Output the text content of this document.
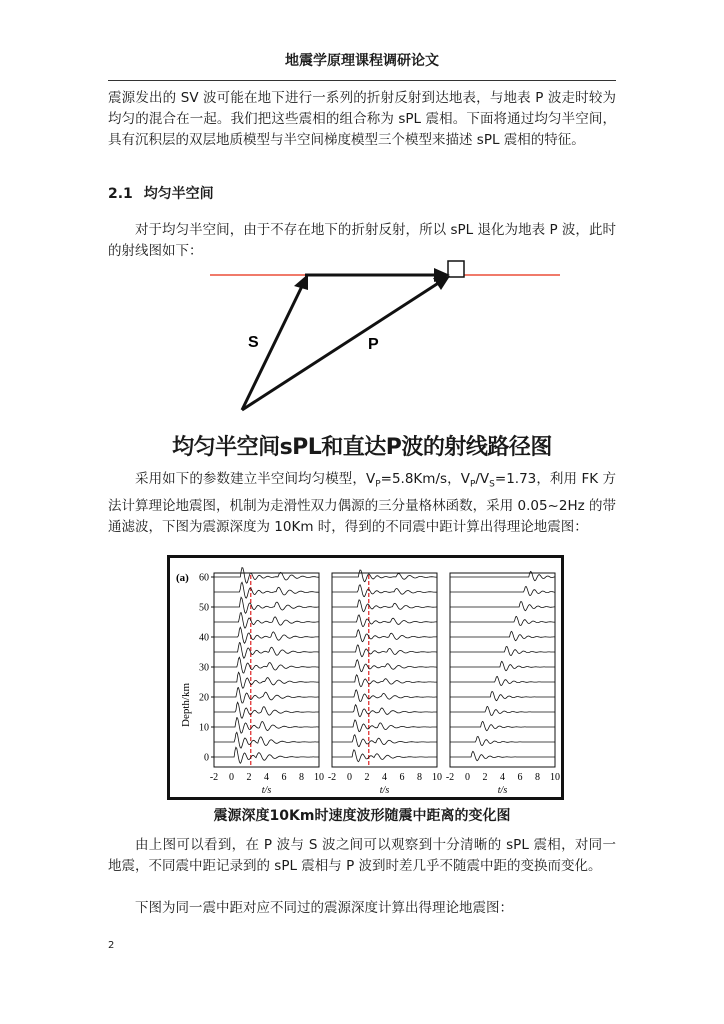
地震学原理课程调研论文

震源发出的 SV 波可能在地下进行一系列的折射反射到达地表，与地表 P 波走时较为均匀的混合在一起。我们把这些震相的组合称为 sPL 震相。下面将通过均匀半空间，具有沉积层的双层地质模型与半空间梯度模型三个模型来描述 sPL 震相的特征。

2.1 均匀半空间

对于均匀半空间，由于不存在地下的折射反射，所以 sPL 退化为地表 P 波，此时的射线图如下：

S	P
均匀半空间sPL和直达P波的射线路径图

采用如下的参数建立半空间均匀模型，$V_P=5.8Km/s$，$V_P/V_S=1.73$，利用 FK 方法计算理论地震图，机制为走滑性双力偶源的三分量格林函数，采用 0.05~2Hz 的带通滤波，下图为震源深度为 10Km 时，得到的不同震中距计算出得理论地震图：

(a)
Depth/km
-2 0 2 4 6 8 10
t/s
-2 0 2 4 6 8 10
t/s
-2 0 2 4 6 8 10
t/s
0
10
20
30
40
50
60
震源深度10Km时速度波形随震中距离的变化图

由上图可以看到，在 P 波与 S 波之间可以观察到十分清晰的 sPL 震相，对同一地震，不同震中距记录到的 sPL 震相与 P 波到时差几乎不随震中距的变换而变化。

下图为同一震中距对应不同过的震源深度计算出得理论地震图：

2
